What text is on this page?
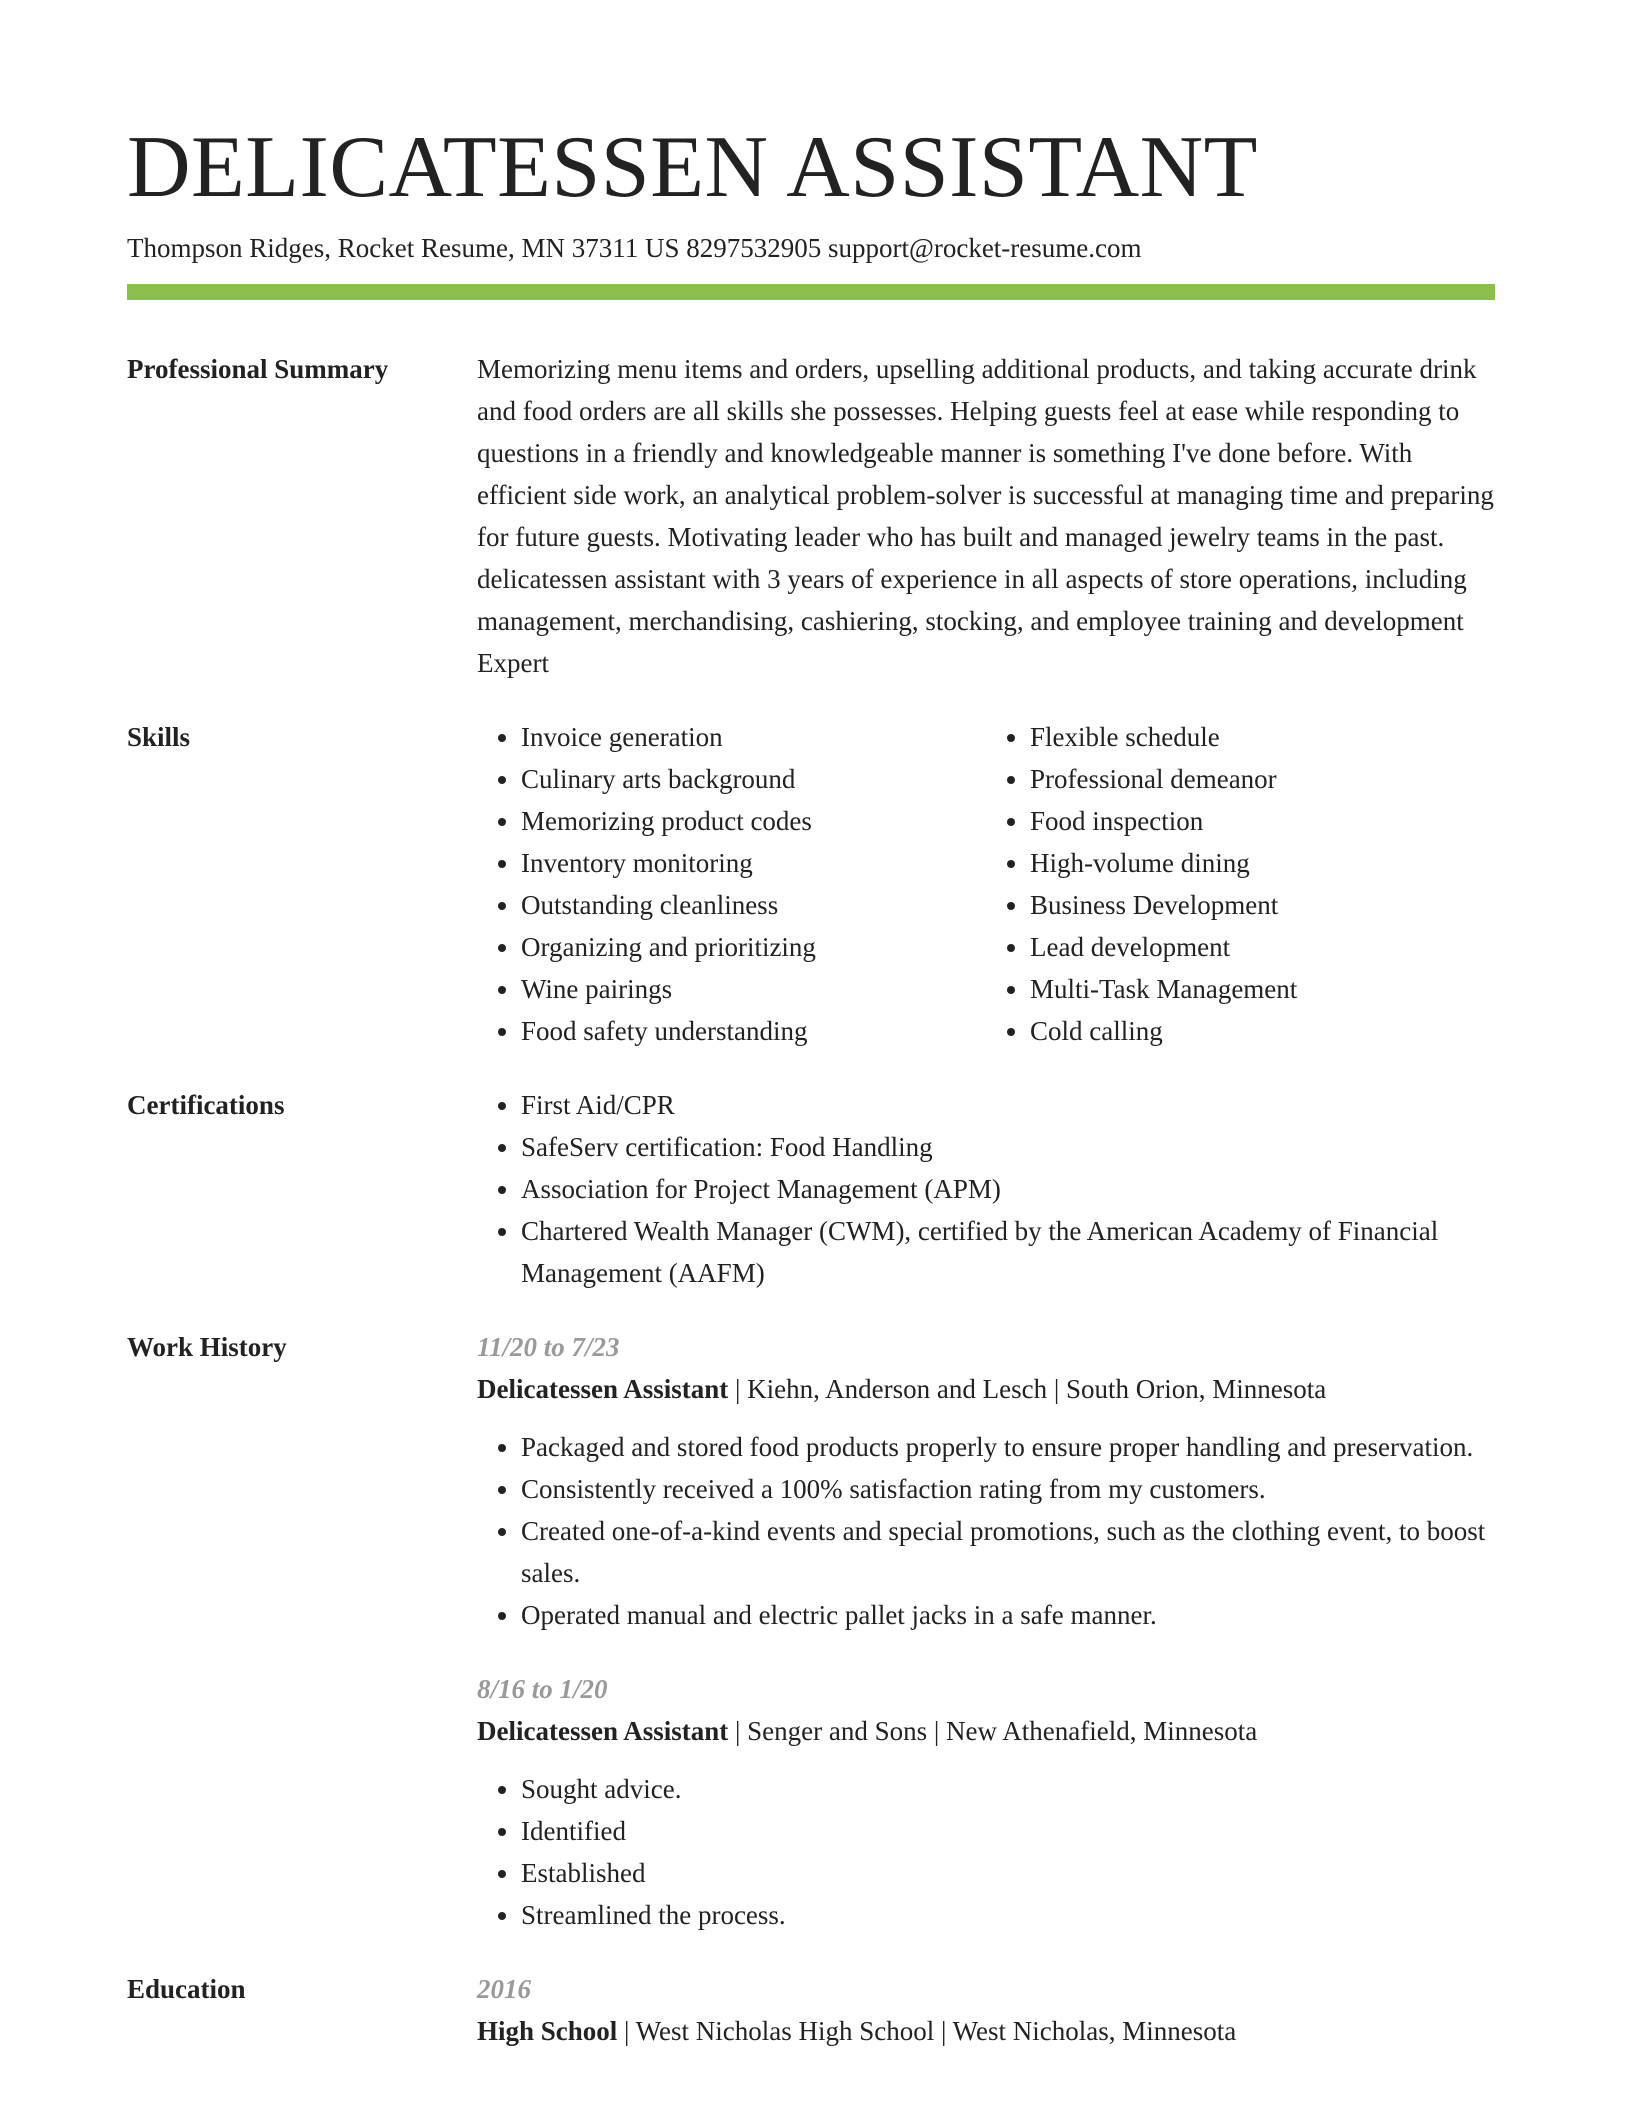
DELICATESSEN ASSISTANT
Thompson Ridges, Rocket Resume, MN 37311 US 8297532905 support@rocket-resume.com
Professional Summary	Memorizing menu items and orders, upselling additional products, and taking accurate drink and food orders are all skills she possesses. Helping guests feel at ease while responding to questions in a friendly and knowledgeable manner is something I've done before. With efficient side work, an analytical problem-solver is successful at managing time and preparing for future guests. Motivating leader who has built and managed jewelry teams in the past. delicatessen assistant with 3 years of experience in all aspects of store operations, including management, merchandising, cashiering, stocking, and employee training and development Expert

Skills	• Invoice generation
• Culinary arts background
• Memorizing product codes
• Inventory monitoring
• Outstanding cleanliness
• Organizing and prioritizing
• Wine pairings
• Food safety understanding
• Flexible schedule
• Professional demeanor
• Food inspection
• High-volume dining
• Business Development
• Lead development
• Multi-Task Management
• Cold calling
Certifications	• First Aid/CPR
• SafeServ certification: Food Handling
• Association for Project Management (APM)
• Chartered Wealth Manager (CWM), certified by the American Academy of Financial Management (AAFM)
Work History	11/20 to 7/23
Delicatessen Assistant | Kiehn, Anderson and Lesch | South Orion, Minnesota
• Packaged and stored food products properly to ensure proper handling and preservation.
• Consistently received a 100% satisfaction rating from my customers.
• Created one-of-a-kind events and special promotions, such as the clothing event, to boost sales.
• Operated manual and electric pallet jacks in a safe manner.
8/16 to 1/20
Delicatessen Assistant | Senger and Sons | New Athenafield, Minnesota
• Sought advice.
• Identified
• Established
• Streamlined the process.
Education	2016
High School | West Nicholas High School | West Nicholas, Minnesota
